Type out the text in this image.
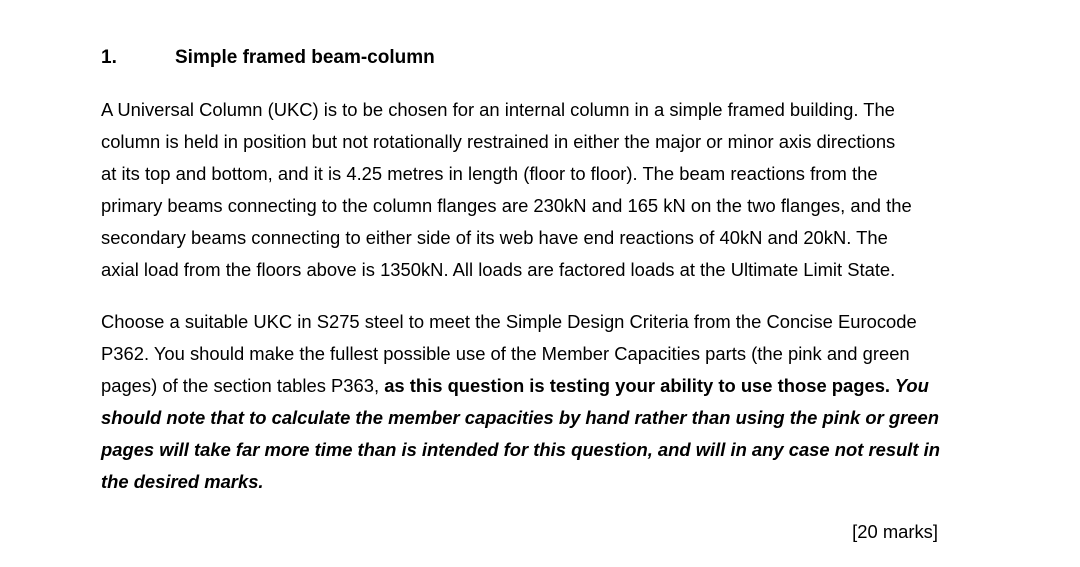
1.	Simple framed beam-column
A Universal Column (UKC) is to be chosen for an internal column in a simple framed building. The
column is held in position but not rotationally restrained in either the major or minor axis directions
at its top and bottom, and it is 4.25 metres in length (floor to floor). The beam reactions from the
primary beams connecting to the column flanges are 230kN and 165 kN on the two flanges, and the
secondary beams connecting to either side of its web have end reactions of 40kN and 20kN. The
axial load from the floors above is 1350kN. All loads are factored loads at the Ultimate Limit State.
Choose a suitable UKC in S275 steel to meet the Simple Design Criteria from the Concise Eurocode
P362. You should make the fullest possible use of the Member Capacities parts (the pink and green
pages) of the section tables P363, as this question is testing your ability to use those pages. You
should note that to calculate the member capacities by hand rather than using the pink or green
pages will take far more time than is intended for this question, and will in any case not result in
the desired marks.
[20 marks]
